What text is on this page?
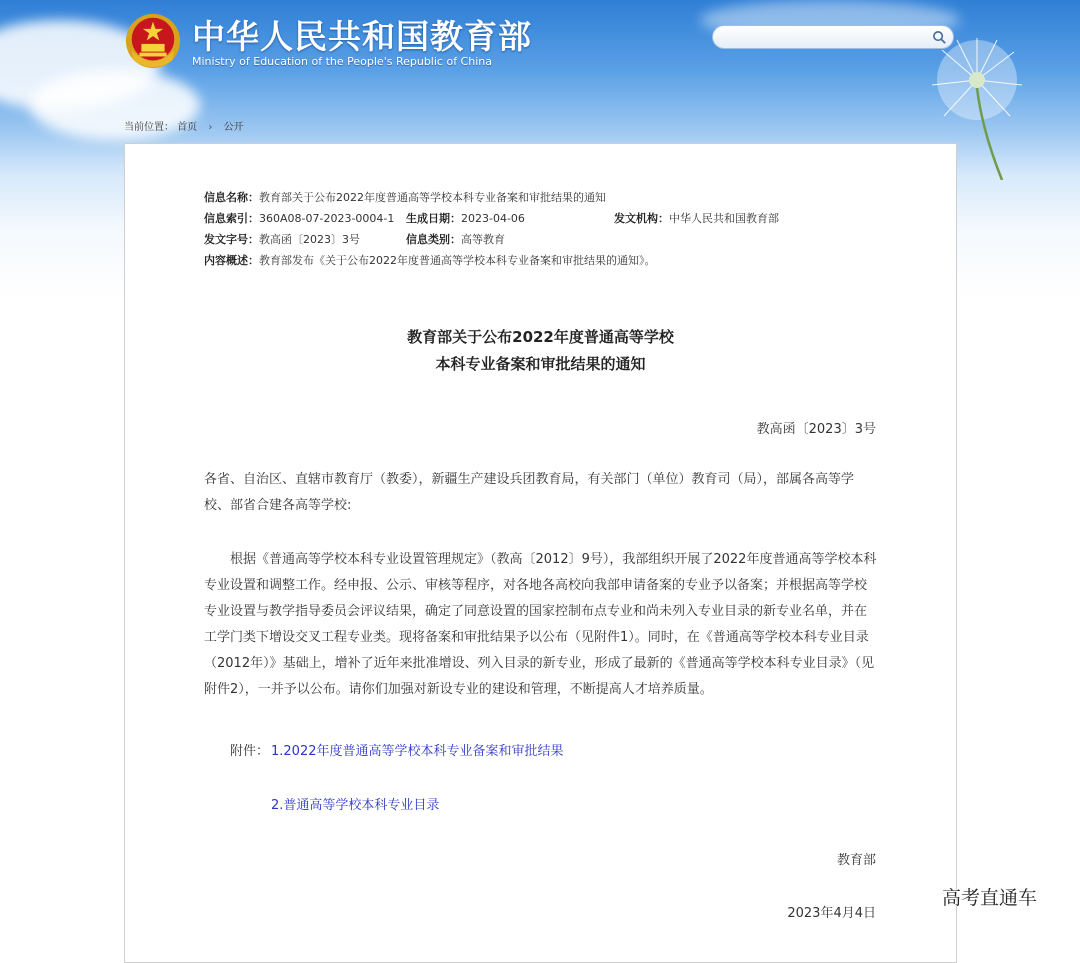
中华人民共和国教育部
Ministry of Education of the People's Republic of China
当前位置： 首页 › 公开
信息名称：教育部关于公布2022年度普通高等学校本科专业备案和审批结果的通知
信息索引：360A08-07-2023-0004-1 生成日期：2023-04-06	发文机构：中华人民共和国教育部
发文字号：教高函〔2023〕3号	信息类别：高等教育
内容概述：教育部发布《关于公布2022年度普通高等学校本科专业备案和审批结果的通知》。
教育部关于公布2022年度普通高等学校
本科专业备案和审批结果的通知
教高函〔2023〕3号
各省、自治区、直辖市教育厅（教委），新疆生产建设兵团教育局，有关部门（单位）教育司（局），部属各高等学校、部省合建各高等学校:
根据《普通高等学校本科专业设置管理规定》（教高〔2012〕9号），我部组织开展了2022年度普通高等学校本科专业设置和调整工作。经申报、公示、审核等程序，对各地各高校向我部申请备案的专业予以备案；并根据高等学校专业设置与教学指导委员会评议结果，确定了同意设置的国家控制布点专业和尚未列入专业目录的新专业名单，并在工学门类下增设交叉工程专业类。现将备案和审批结果予以公布（见附件1）。同时，在《普通高等学校本科专业目录（2012年）》基础上，增补了近年来批准增设、列入目录的新专业，形成了最新的《普通高等学校本科专业目录》（见附件2），一并予以公布。请你们加强对新设专业的建设和管理，不断提高人才培养质量。
附件： 1.2022年度普通高等学校本科专业备案和审批结果
2.普通高等学校本科专业目录
教育部
2023年4月4日
高考直通车
